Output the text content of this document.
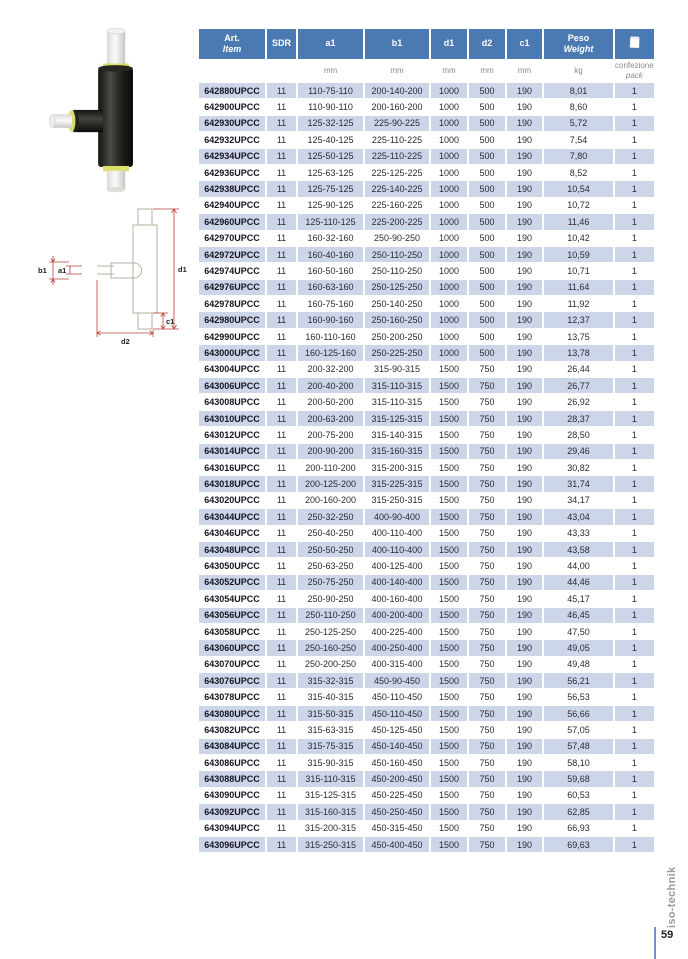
b1 a1	d1
c1
d2
Art.
Item	SDR	a1	b1	d1	d2	c1	Peso
Weight	
		mm	mm	mm	mm	mm	kg	confezione
pack
642880UPCC	11	110-75-110	200-140-200	1000	500	190	8,01	1
642900UPCC	11	110-90-110	200-160-200	1000	500	190	8,60	1
642930UPCC	11	125-32-125	225-90-225	1000	500	190	5,72	1
642932UPCC	11	125-40-125	225-110-225	1000	500	190	7,54	1
642934UPCC	11	125-50-125	225-110-225	1000	500	190	7,80	1
642936UPCC	11	125-63-125	225-125-225	1000	500	190	8,52	1
642938UPCC	11	125-75-125	225-140-225	1000	500	190	10,54	1
642940UPCC	11	125-90-125	225-160-225	1000	500	190	10,72	1
642960UPCC	11	125-110-125	225-200-225	1000	500	190	11,46	1
642970UPCC	11	160-32-160	250-90-250	1000	500	190	10,42	1
642972UPCC	11	160-40-160	250-110-250	1000	500	190	10,59	1
642974UPCC	11	160-50-160	250-110-250	1000	500	190	10,71	1
642976UPCC	11	160-63-160	250-125-250	1000	500	190	11,64	1
642978UPCC	11	160-75-160	250-140-250	1000	500	190	11,92	1
642980UPCC	11	160-90-160	250-160-250	1000	500	190	12,37	1
642990UPCC	11	160-110-160	250-200-250	1000	500	190	13,75	1
643000UPCC	11	160-125-160	250-225-250	1000	500	190	13,78	1
643004UPCC	11	200-32-200	315-90-315	1500	750	190	26,44	1
643006UPCC	11	200-40-200	315-110-315	1500	750	190	26,77	1
643008UPCC	11	200-50-200	315-110-315	1500	750	190	26,92	1
643010UPCC	11	200-63-200	315-125-315	1500	750	190	28,37	1
643012UPCC	11	200-75-200	315-140-315	1500	750	190	28,50	1
643014UPCC	11	200-90-200	315-160-315	1500	750	190	29,46	1
643016UPCC	11	200-110-200	315-200-315	1500	750	190	30,82	1
643018UPCC	11	200-125-200	315-225-315	1500	750	190	31,74	1
643020UPCC	11	200-160-200	315-250-315	1500	750	190	34,17	1
643044UPCC	11	250-32-250	400-90-400	1500	750	190	43,04	1
643046UPCC	11	250-40-250	400-110-400	1500	750	190	43,33	1
643048UPCC	11	250-50-250	400-110-400	1500	750	190	43,58	1
643050UPCC	11	250-63-250	400-125-400	1500	750	190	44,00	1
643052UPCC	11	250-75-250	400-140-400	1500	750	190	44,46	1
643054UPCC	11	250-90-250	400-160-400	1500	750	190	45,17	1
643056UPCC	11	250-110-250	400-200-400	1500	750	190	46,45	1
643058UPCC	11	250-125-250	400-225-400	1500	750	190	47,50	1
643060UPCC	11	250-160-250	400-250-400	1500	750	190	49,05	1
643070UPCC	11	250-200-250	400-315-400	1500	750	190	49,48	1
643076UPCC	11	315-32-315	450-90-450	1500	750	190	56,21	1
643078UPCC	11	315-40-315	450-110-450	1500	750	190	56,53	1
643080UPCC	11	315-50-315	450-110-450	1500	750	190	56,66	1
643082UPCC	11	315-63-315	450-125-450	1500	750	190	57,05	1
643084UPCC	11	315-75-315	450-140-450	1500	750	190	57,48	1
643086UPCC	11	315-90-315	450-160-450	1500	750	190	58,10	1
643088UPCC	11	315-110-315	450-200-450	1500	750	190	59,68	1
643090UPCC	11	315-125-315	450-225-450	1500	750	190	60,53	1
643092UPCC	11	315-160-315	450-250-450	1500	750	190	62,85	1
643094UPCC	11	315-200-315	450-315-450	1500	750	190	66,93	1
643096UPCC	11	315-250-315	450-400-450	1500	750	190	69,63	1
iso-technik
59
